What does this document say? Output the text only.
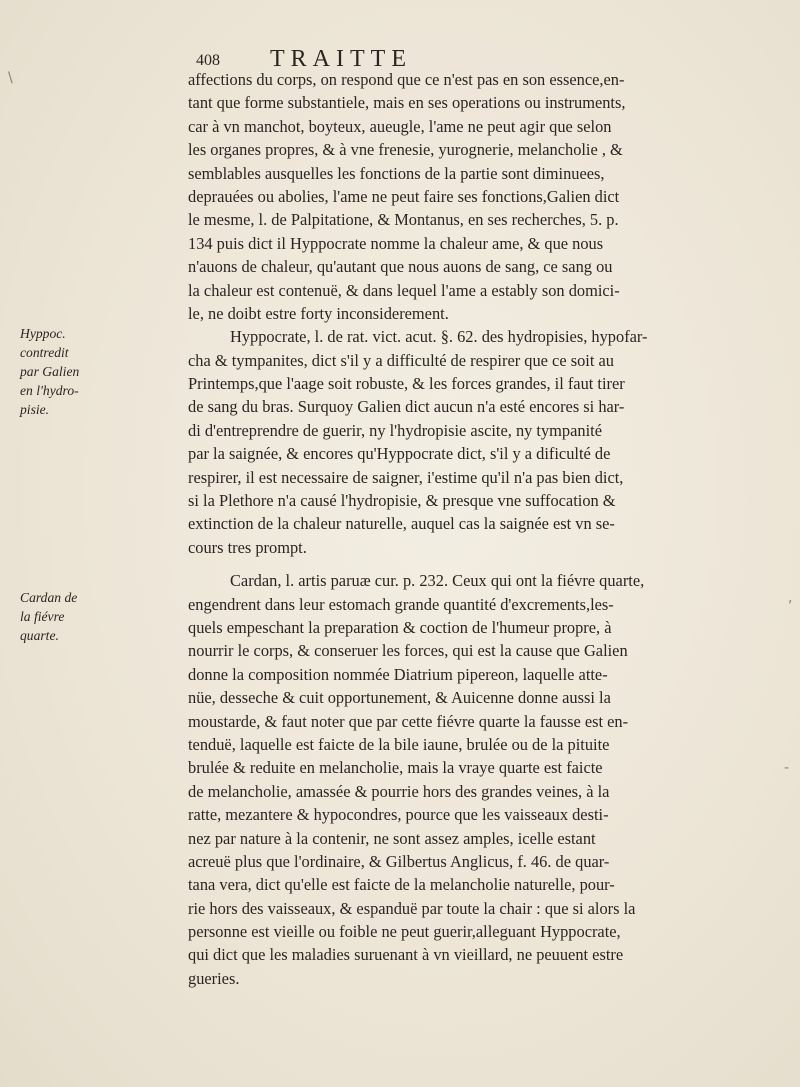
408 TRAITTE
Hyppoc.
contredit
par Galien
en l'hydro-
pisie.
Cardan de
la fiévre
quarte.
affections du corps, on respond que ce n'est pas en son essence,en-
tant que forme substantiele, mais en ses operations ou instruments,
car à vn manchot, boyteux, aueugle, l'ame ne peut agir que selon
les organes propres, & à vne frenesie, yurognerie, melancholie , &
semblables ausquelles les fonctions de la partie sont diminuees,
deprauées ou abolies, l'ame ne peut faire ses fonctions,Galien dict
le mesme, l. de Palpitatione, & Montanus, en ses recherches, 5. p.
134 puis dict il Hyppocrate nomme la chaleur ame, & que nous
n'auons de chaleur, qu'autant que nous auons de sang, ce sang ou
la chaleur est contenuë, & dans lequel l'ame a estably son domici-
le, ne doibt estre forty inconsiderement.
Hyppocrate, l. de rat. vict. acut. §. 62. des hydropisies, hypofar-
cha & tympanites, dict s'il y a difficulté de respirer que ce soit au
Printemps,que l'aage soit robuste, & les forces grandes, il faut tirer
de sang du bras. Surquoy Galien dict aucun n'a esté encores si har-
di d'entreprendre de guerir, ny l'hydropisie ascite, ny tympanité
par la saignée, & encores qu'Hyppocrate dict, s'il y a dificulté de
respirer, il est necessaire de saigner, i'estime qu'il n'a pas bien dict,
si la Plethore n'a causé l'hydropisie, & presque vne suffocation &
extinction de la chaleur naturelle, auquel cas la saignée est vn se-
cours tres prompt.
Cardan, l. artis paruæ cur. p. 232. Ceux qui ont la fiévre quarte,
engendrent dans leur estomach grande quantité d'excrements,les-
quels empeschant la preparation & coction de l'humeur propre, à
nourrir le corps, & conseruer les forces, qui est la cause que Galien
donne la composition nommée Diatrium pipereon, laquelle atte-
nüe, desseche & cuit opportunement, & Auicenne donne aussi la
moustarde, & faut noter que par cette fiévre quarte la fausse est en-
tenduë, laquelle est faicte de la bile iaune, brulée ou de la pituite
brulée & reduite en melancholie, mais la vraye quarte est faicte
de melancholie, amassée & pourrie hors des grandes veines, à la
ratte, mezantere & hypocondres, pource que les vaisseaux desti-
nez par nature à la contenir, ne sont assez amples, icelle estant
acreuë plus que l'ordinaire, & Gilbertus Anglicus, f. 46. de quar-
tana vera, dict qu'elle est faicte de la melancholie naturelle, pour-
rie hors des vaisseaux, & espanduë par toute la chair : que si alors la
personne est vieille ou foible ne peut guerir,alleguant Hyppocrate,
qui dict que les maladies suruenant à vn vieillard, ne peuuent estre
gueries.
\
,
-
